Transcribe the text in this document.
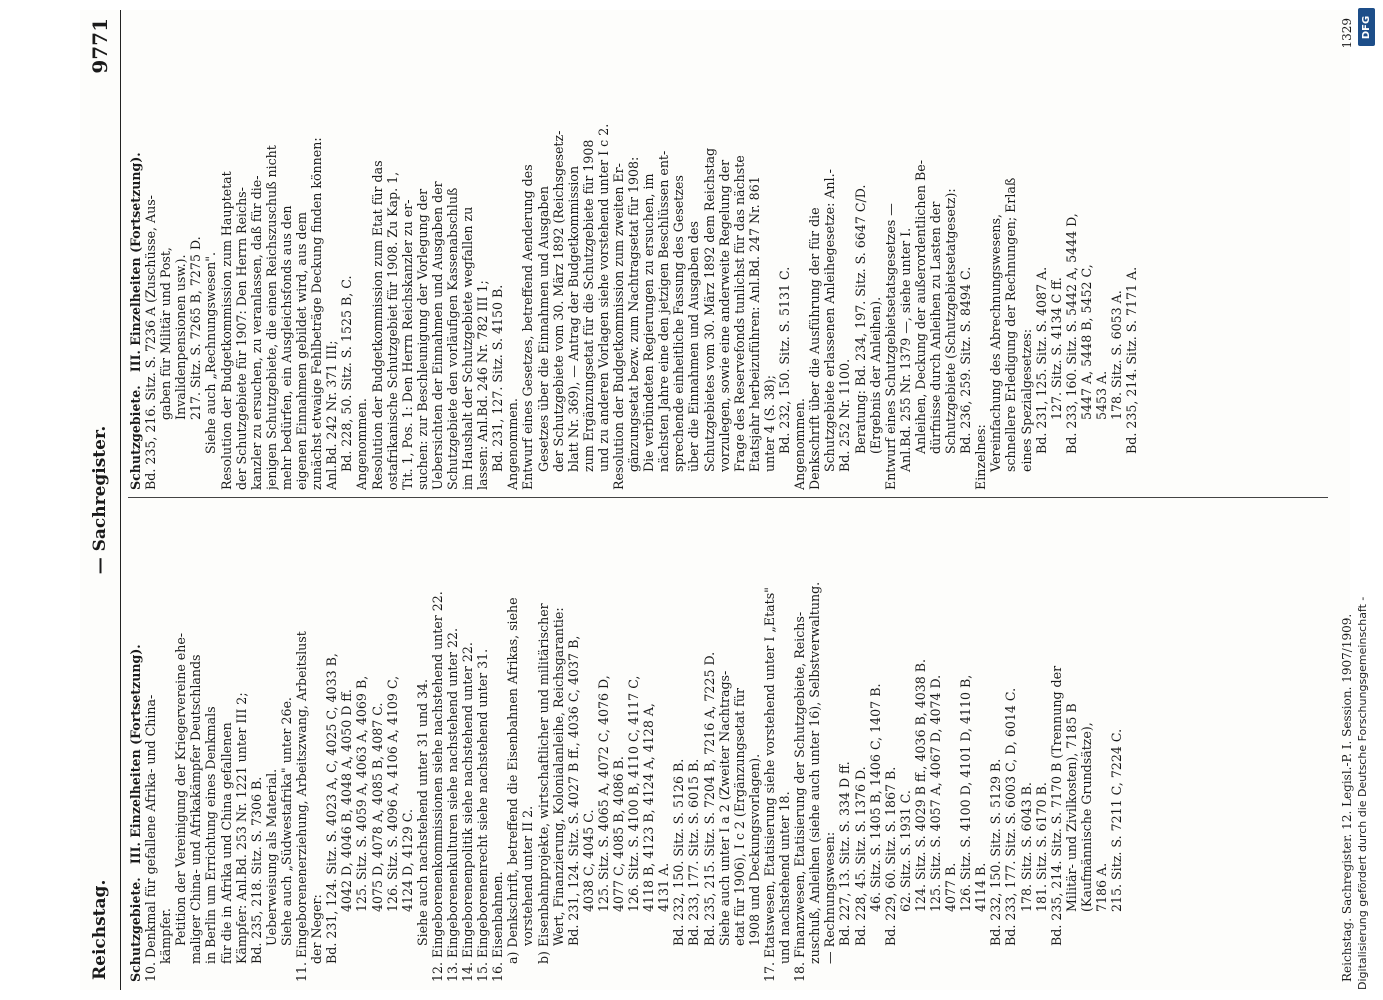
Reichstag.
— Sachregister.
9771
Schutzgebiete.   III. Einzelheiten (Fortsetzung). 10. Denkmal für gefallene Afrika- und China- kämpfer. Petition der Vereinigung der Kriegervereine ehe- maliger China- und Afrikakämpfer Deutschlands in Berlin um Errichtung eines Denkmals für die in Afrika und China gefallenen Kämpfer: Anl.Bd. 253 Nr. 1221 unter III 2; Bd. 235, 218. Sitz. S. 7306 B. Ueberweisung als Material. Siehe auch „Südwestafrika" unter 26e. 11. Eingeborenenerziehung, Arbeitszwang, Arbeitslust der Neger: Bd. 231, 124. Sitz. S. 4023 A, C, 4025 C, 4033 B, 4042 D, 4046 B, 4048 A, 4050 D ff. 125. Sitz. S. 4059 A, 4063 A, 4069 B, 4075 D, 4078 A, 4085 B, 4087 C. 126. Sitz. S. 4096 A, 4106 A, 4109 C, 4124 D, 4129 C. Siehe auch nachstehend unter 31 und 34. 12. Eingeborenenkommissionen siehe nachstehend unter 22. 13. Eingeborenenkulturen siehe nachstehend unter 22. 14. Eingeborenenpolitik siehe nachstehend unter 22. 15. Eingeborenenrecht siehe nachstehend unter 31. 16. Eisenbahnen. a) Denkschrift, betreffend die Eisenbahnen Afrikas, siehe vorstehend unter II 2. b) Eisenbahnprojekte, wirtschaftlicher und militärischer Wert, Finanzierung, Kolonialanleihe, Reichsgarantie: Bd. 231, 124. Sitz. S. 4027 B ff., 4036 C, 4037 B, 4038 C, 4045 C. 125. Sitz. S. 4065 A, 4072 C, 4076 D, 4077 C, 4085 B, 4086 B. 126. Sitz. S. 4100 B, 4110 C, 4117 C, 4118 B, 4123 B, 4124 A, 4128 A, 4131 A. Bd. 232, 150. Sitz. S. 5126 B. Bd. 233, 177. Sitz. S. 6015 B. Bd. 235, 215. Sitz. S. 7204 B, 7216 A, 7225 D. Siehe auch unter I a 2 (Zweiter Nachtrags- etat für 1906), I c 2 (Ergänzungsetat für 1908 und Deckungsvorlagen). 17. Etatswesen, Etatisierung siehe vorstehend unter I „Etats" und nachstehend unter 18. 18. Finanzwesen, Etatisierung der Schutzgebiete, Reichs- zuschuß, Anleihen (siehe auch unter 16), Selbstverwaltung. — Rechnungswesen: Bd. 227, 13. Sitz. S. 334 D ff. Bd. 228, 45. Sitz. S. 1376 D. 46. Sitz. S. 1405 B, 1406 C, 1407 B. Bd. 229, 60. Sitz. S. 1867 B. 62. Sitz. S. 1931 C. 124. Sitz. S. 4029 B ff., 4036 B, 4038 B. 125. Sitz. S. 4057 A, 4067 D, 4074 D. 4077 B. 126. Sitz. S. 4100 D, 4101 D, 4110 B, 4114 B. Bd. 232, 150. Sitz. S. 5129 B. Bd. 233, 177. Sitz. S. 6003 C, D, 6014 C. 178. Sitz. S. 6043 B. 181. Sitz. S. 6170 B. Bd. 235, 214. Sitz. S. 7170 B (Trennung der Militär- und Zivilkosten), 7185 B (Kaufmännische Grundsätze), 7186 A. 215. Sitz. S. 7211 C, 7224 C.
Schutzgebiete.   III. Einzelheiten (Fortsetzung). Bd. 235, 216. Sitz. S. 7236 A (Zuschüsse, Aus- gaben für Militär und Post, Invalidenpensionen usw.). 217. Sitz. S. 7265 B, 7275 D. Siehe auch „Rechnungswesen". Resolution der Budgetkommission zum Hauptetat der Schutzgebiete für 1907: Den Herrn Reichs- kanzler zu ersuchen, zu veranlassen, daß für die- jenigen Schutzgebiete, die einen Reichszuschuß nicht mehr bedürfen, ein Ausgleichsfonds aus den eigenen Einnahmen gebildet wird, aus dem zunächst etwaige Fehlbeträge Deckung finden können: Anl.Bd. 242 Nr. 371 III; Bd. 228, 50. Sitz. S. 1525 B, C. Angenommen. Resolution der Budgetkommission zum Etat für das ostafrikanische Schutzgebiet für 1908. Zu Kap. 1, Tit. 1, Pos. 1: Den Herrn Reichskanzler zu er- suchen: zur Beschleunigung der Vorlegung der Uebersichten der Einnahmen und Ausgaben der Schutzgebiete den vorläufigen Kassenabschluß im Haushalt der Schutzgebiete wegfallen zu lassen: Anl.Bd. 246 Nr. 782 III 1; Bd. 231, 127. Sitz. S. 4150 B. Angenommen. Entwurf eines Gesetzes, betreffend Aenderung des Gesetzes über die Einnahmen und Ausgaben der Schutzgebiete vom 30. März 1892 (Reichsgesetz- blatt Nr. 369), — Antrag der Budgetkommission zum Ergänzungsetat für die Schutzgebiete für 1908 und zu anderen Vorlagen siehe vorstehend unter I c 2. Resolution der Budgetkommission zum zweiten Er- gänzungsetat bezw. zum Nachtragsetat für 1908: Die verbündeten Regierungen zu ersuchen, im nächsten Jahre eine den jetzigen Beschlüssen ent- sprechende einheitliche Fassung des Gesetzes über die Einnahmen und Ausgaben des Schutzgebietes vom 30. März 1892 dem Reichstag vorzulegen, sowie eine anderweite Regelung der Frage des Reservefonds tunlichst für das nächste Etatsjahr herbeizuführen: Anl.Bd. 247 Nr. 861 unter 4 (S. 38); Bd. 232, 150. Sitz. S. 5131 C. Angenommen. Denkschrift über die Ausführung der für die Schutzgebiete erlassenen Anleihegesetze: Anl.- Bd. 252 Nr. 1100. Beratung: Bd. 234, 197. Sitz. S. 6647 C/D. (Ergebnis der Anleihen). Entwurf eines Schutzgebietsetatsgesetzes — Anl.Bd. 255 Nr. 1379 —, siehe unter I. Anleihen, Deckung der außerordentlichen Be- dürfnisse durch Anleihen zu Lasten der Schutzgebiete (Schutzgebietsetatgesetz): Bd. 236, 259. Sitz. S. 8494 C.
Einzelnes: Vereinfachung des Abrechnungswesens, schnellere Erledigung der Rechnungen; Erlaß eines Spezialgesetzes: Bd. 231, 125. Sitz. S. 4087 A. 127. Sitz. S. 4134 C ff. Bd. 233, 160. Sitz. S. 5442 A, 5444 D, 5447 A, 5448 B, 5452 C, 5453 A. 178. Sitz. S. 6053 A. Bd. 235, 214. Sitz. S. 7171 A.
Reichstag. Sachregister. 12. Legisl.-P. I. Session. 1907/1909.
1329 DFG
Digitalisierung gefördert durch die Deutsche Forschungsgemeinschaft -
